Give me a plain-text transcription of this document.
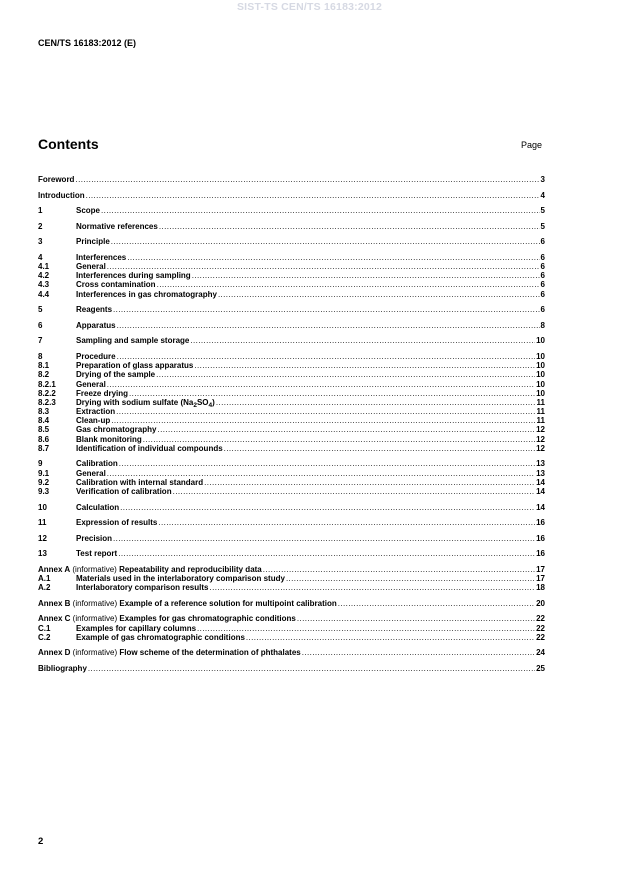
SIST-TS CEN/TS 16183:2012
CEN/TS 16183:2012 (E)
Contents	Page
Foreword .....	3
Introduction .....	4
1	Scope .....	5
2	Normative references .....	5
3	Principle .....	6
4	Interferences .....	6
4.1	General .....	6
4.2	Interferences during sampling .....	6
4.3	Cross contamination .....	6
4.4	Interferences in gas chromatography .....	6
5	Reagents .....	6
6	Apparatus .....	8
7	Sampling and sample storage .....	10
8	Procedure .....	10
8.1	Preparation of glass apparatus .....	10
8.2	Drying of the sample .....	10
8.2.1	General .....	10
8.2.2	Freeze drying .....	10
8.2.3	Drying with sodium sulfate $(Na_2SO_4)$ .....	11
8.3	Extraction .....	11
8.4	Clean-up .....	11
8.5	Gas chromatography .....	12
8.6	Blank monitoring .....	12
8.7	Identification of individual compounds .....	12
9	Calibration .....	13
9.1	General .....	13
9.2	Calibration with internal standard .....	14
9.3	Verification of calibration .....	14
10	Calculation .....	14
11	Expression of results .....	16
12	Precision .....	16
13	Test report .....	16
Annex A (informative) Repeatability and reproducibility data .....	17
A.1	Materials used in the interlaboratory comparison study .....	17
A.2	Interlaboratory comparison results .....	18
Annex B (informative) Example of a reference solution for multipoint calibration .....	20
Annex C (informative) Examples for gas chromatographic conditions .....	22
C.1	Examples for capillary columns .....	22
C.2	Example of gas chromatographic conditions .....	22
Annex D (informative) Flow scheme of the determination of phthalates .....	24
Bibliography .....	25
2
